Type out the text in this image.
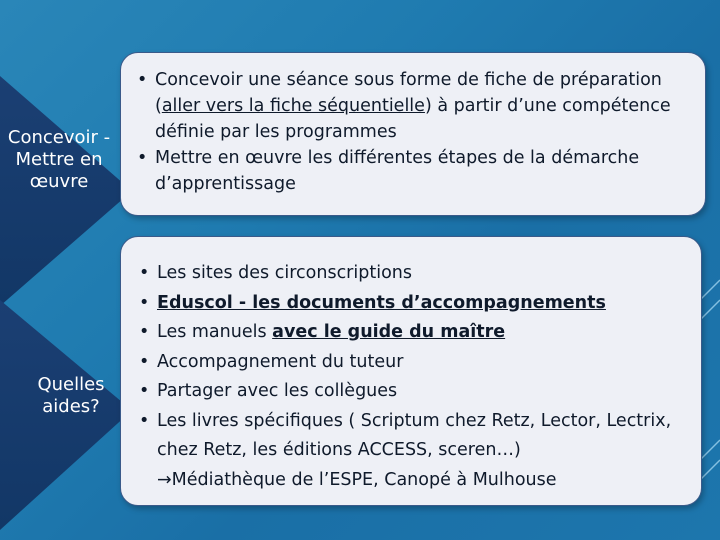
Concevoir - Mettre en œuvre
Quelles aides?
• Concevoir une séance sous forme de fiche de préparation (aller vers la fiche séquentielle) à partir d’une compétence définie par les programmes
• Mettre en œuvre les différentes étapes de la démarche d’apprentissage
• Les sites des circonscriptions
• Eduscol - les documents d’accompagnements
• Les manuels avec le guide du maître
• Accompagnement du tuteur
• Partager avec les collègues
• Les livres spécifiques ( Scriptum chez Retz, Lector, Lectrix, chez Retz, les éditions ACCESS, sceren…)
→Médiathèque de l’ESPE, Canopé à Mulhouse
